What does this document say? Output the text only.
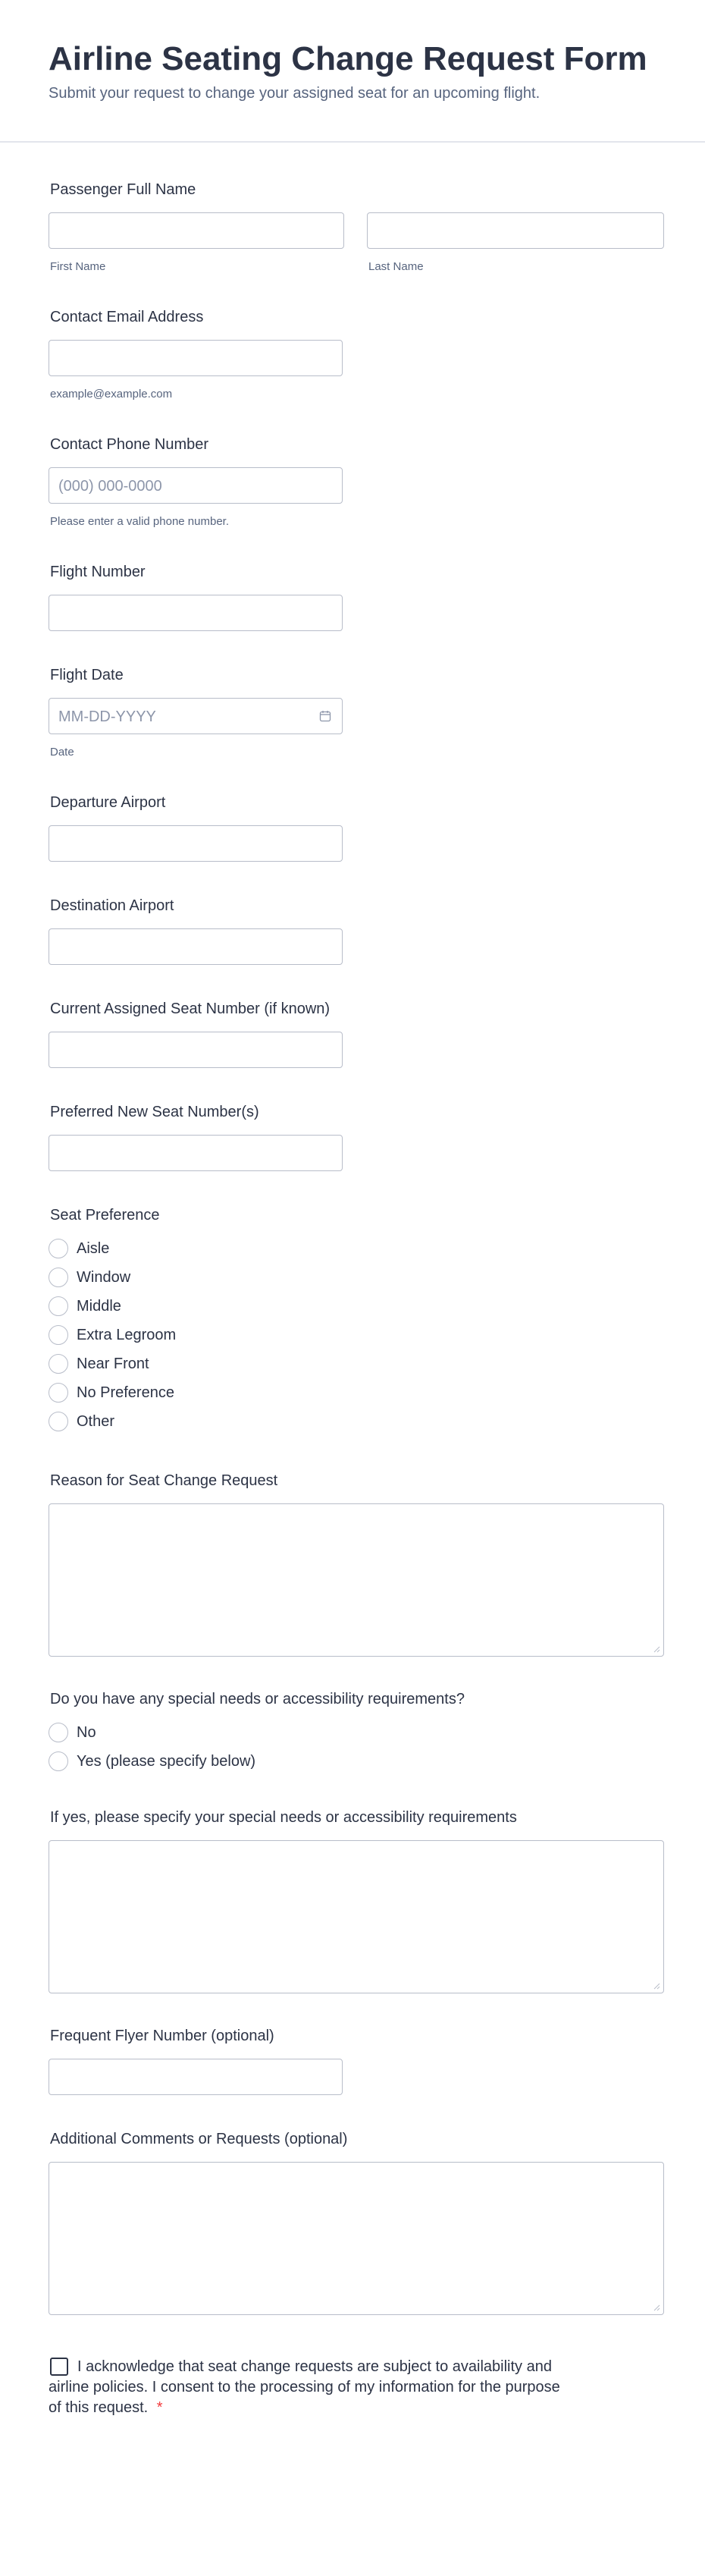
Airline Seating Change Request Form
Submit your request to change your assigned seat for an upcoming flight.
Passenger Full Name
First Name	Last Name
Contact Email Address
example@example.com
Contact Phone Number
(000) 000-0000
Please enter a valid phone number.
Flight Number
Flight Date
MM-DD-YYYY
Date
Departure Airport
Destination Airport
Current Assigned Seat Number (if known)
Preferred New Seat Number(s)
Seat Preference
Aisle
Window
Middle
Extra Legroom
Near Front
No Preference
Other
Reason for Seat Change Request
Do you have any special needs or accessibility requirements?
No
Yes (please specify below)
If yes, please specify your special needs or accessibility requirements
Frequent Flyer Number (optional)
Additional Comments or Requests (optional)
I acknowledge that seat change requests are subject to availability and
airline policies. I consent to the processing of my information for the purpose
of this request. *
